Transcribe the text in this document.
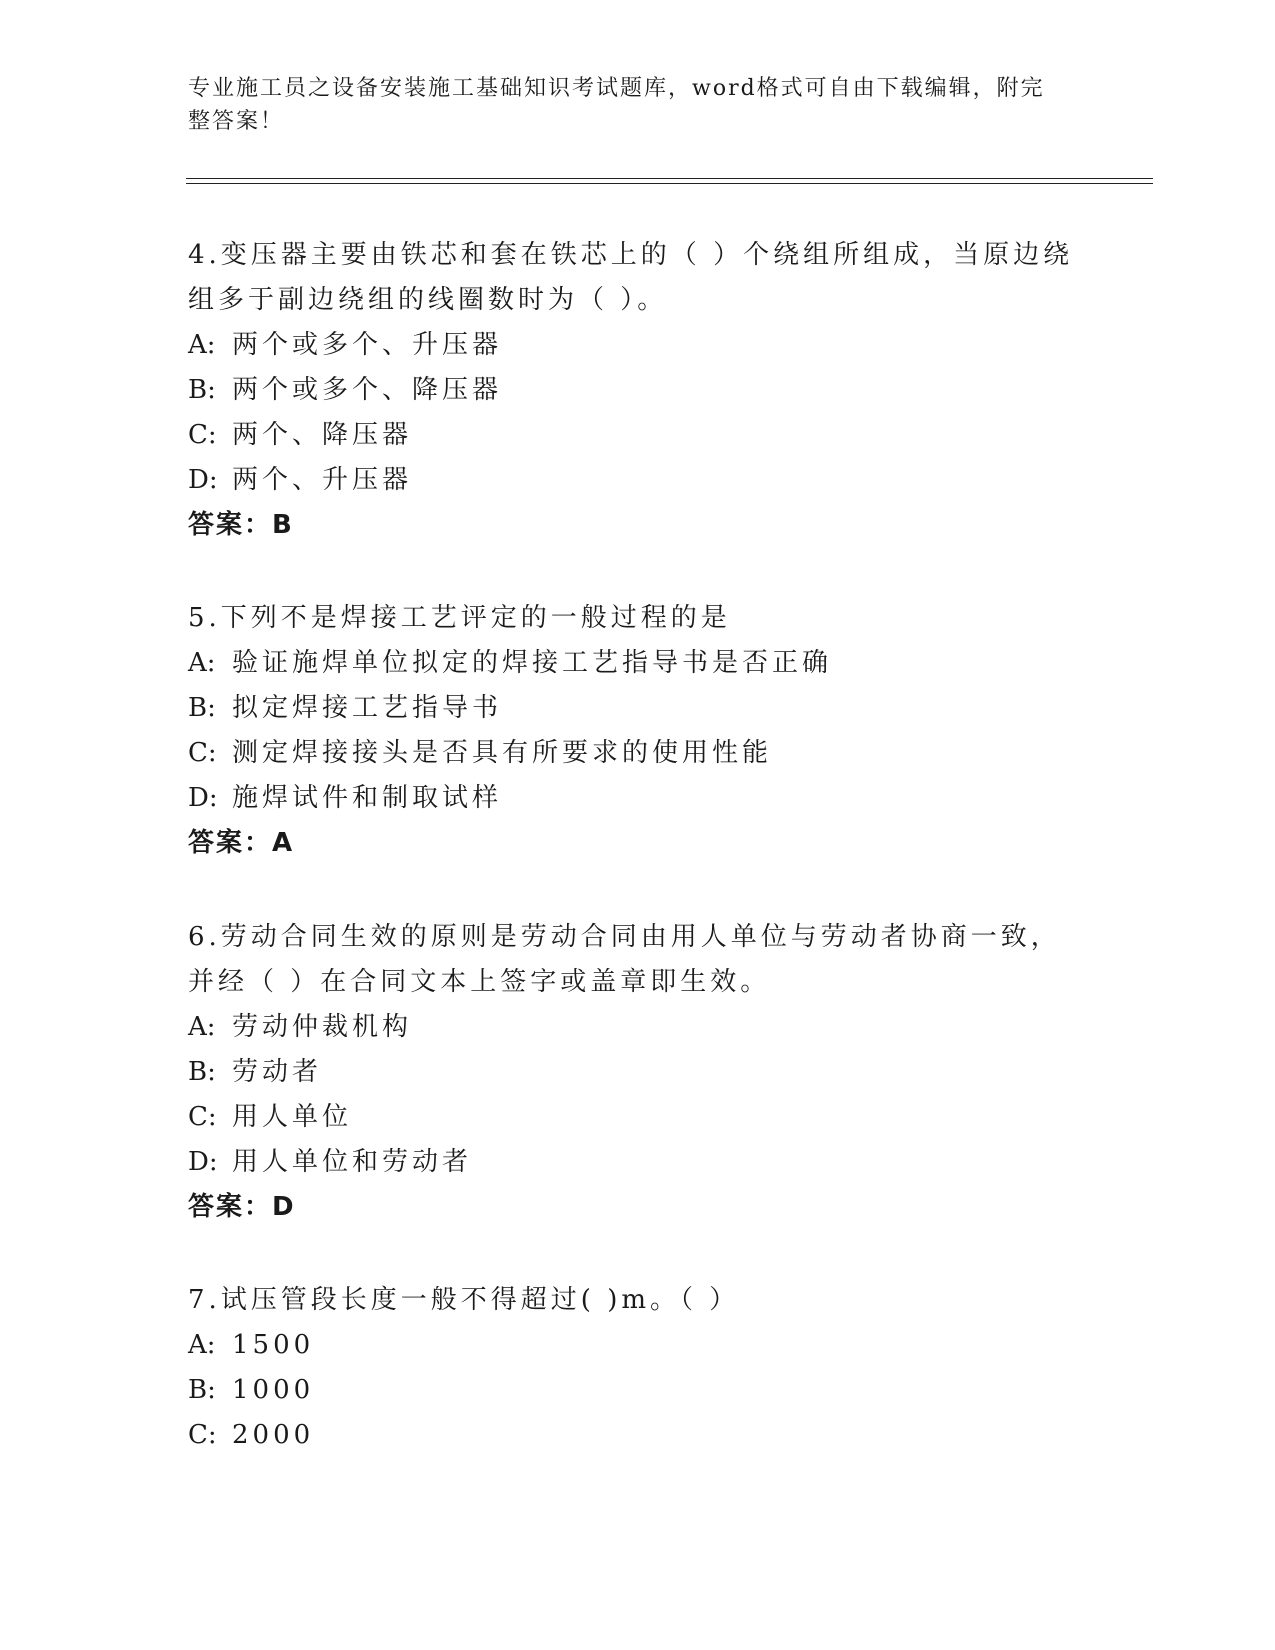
专业施工员之设备安装施工基础知识考试题库，word格式可自由下载编辑，附完整答案！
4.变压器主要由铁芯和套在铁芯上的（ ）个绕组所组成，当原边绕组多于副边绕组的线圈数时为（ ）。
A: 两个或多个、升压器
B: 两个或多个、降压器
C: 两个、降压器
D: 两个、升压器
答案：B
5.下列不是焊接工艺评定的一般过程的是
A: 验证施焊单位拟定的焊接工艺指导书是否正确
B: 拟定焊接工艺指导书
C: 测定焊接接头是否具有所要求的使用性能
D: 施焊试件和制取试样
答案：A
6.劳动合同生效的原则是劳动合同由用人单位与劳动者协商一致，并经（ ）在合同文本上签字或盖章即生效。
A: 劳动仲裁机构
B: 劳动者
C: 用人单位
D: 用人单位和劳动者
答案：D
7.试压管段长度一般不得超过( )m。（ ）
A: 1500
B: 1000
C: 2000
